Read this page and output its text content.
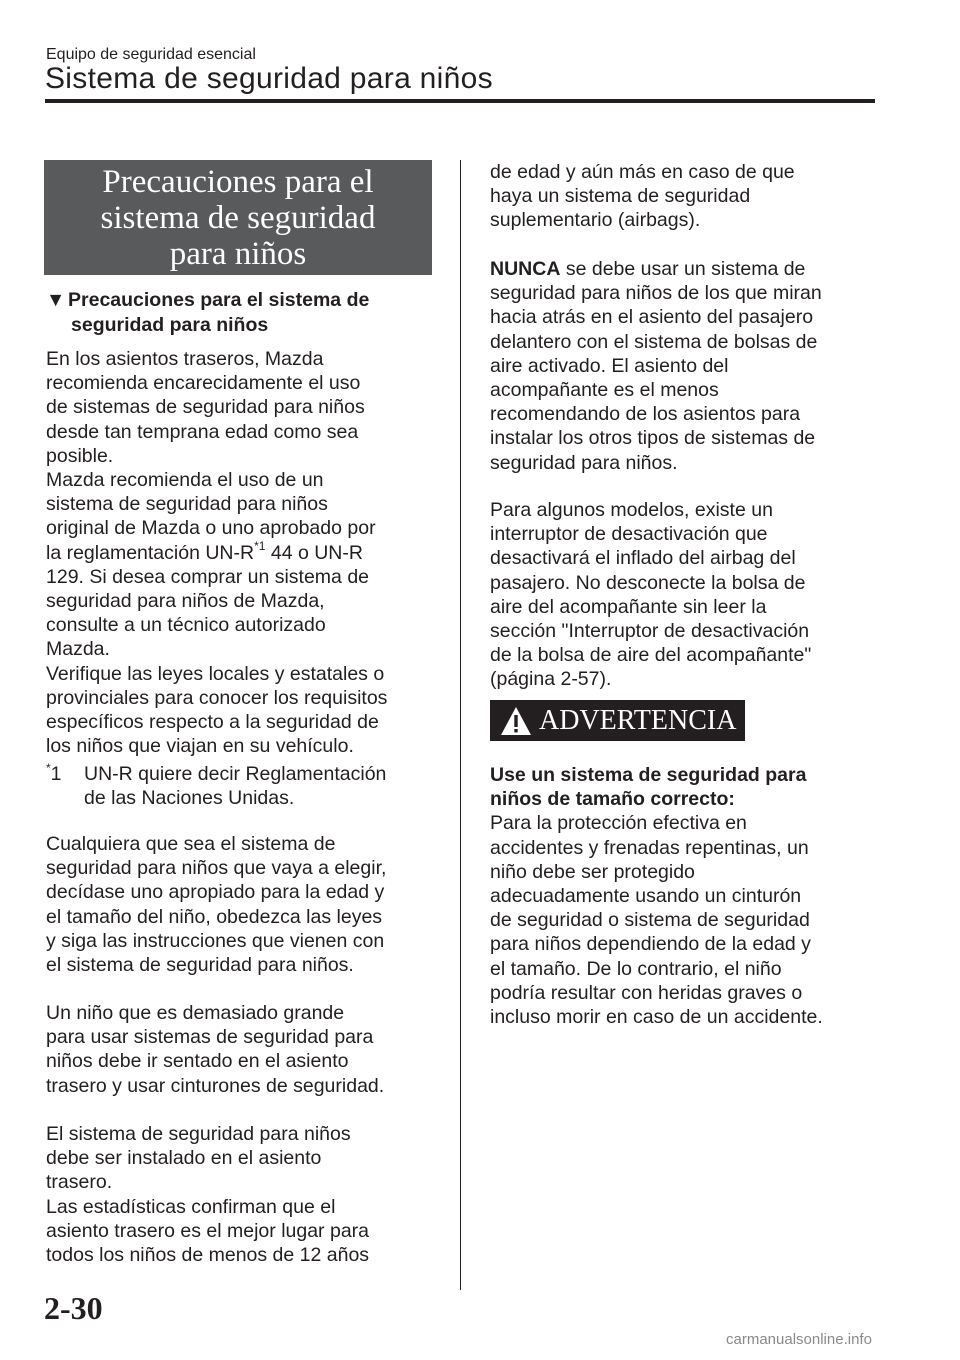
Equipo de seguridad esencial
Sistema de seguridad para niños
Precauciones para el
sistema de seguridad
para niños
▼ Precauciones para el sistema de
seguridad para niños
En los asientos traseros, Mazda
recomienda encarecidamente el uso
de sistemas de seguridad para niños
desde tan temprana edad como sea
posible.
Mazda recomienda el uso de un
sistema de seguridad para niños
original de Mazda o uno aprobado por
la reglamentación $UN-R^{*1}$ 44 o UN-R
129. Si desea comprar un sistema de
seguridad para niños de Mazda,
consulte a un técnico autorizado
Mazda.
Verifique las leyes locales y estatales o
provinciales para conocer los requisitos
específicos respecto a la seguridad de
los niños que viajan en su vehículo.
*1	UN-R quiere decir Reglamentación
de las Naciones Unidas.
Cualquiera que sea el sistema de
seguridad para niños que vaya a elegir,
decídase uno apropiado para la edad y
el tamaño del niño, obedezca las leyes
y siga las instrucciones que vienen con
el sistema de seguridad para niños.
Un niño que es demasiado grande
para usar sistemas de seguridad para
niños debe ir sentado en el asiento
trasero y usar cinturones de seguridad.
El sistema de seguridad para niños
debe ser instalado en el asiento
trasero.
Las estadísticas confirman que el
asiento trasero es el mejor lugar para
todos los niños de menos de 12 años
de edad y aún más en caso de que
haya un sistema de seguridad
suplementario (airbags).
NUNCA se debe usar un sistema de
seguridad para niños de los que miran
hacia atrás en el asiento del pasajero
delantero con el sistema de bolsas de
aire activado. El asiento del
acompañante es el menos
recomendando de los asientos para
instalar los otros tipos de sistemas de
seguridad para niños.
Para algunos modelos, existe un
interruptor de desactivación que
desactivará el inflado del airbag del
pasajero. No desconecte la bolsa de
aire del acompañante sin leer la
sección "Interruptor de desactivación
de la bolsa de aire del acompañante"
(página 2-57).
ADVERTENCIA
Use un sistema de seguridad para
niños de tamaño correcto:
Para la protección efectiva en
accidentes y frenadas repentinas, un
niño debe ser protegido
adecuadamente usando un cinturón
de seguridad o sistema de seguridad
para niños dependiendo de la edad y
el tamaño. De lo contrario, el niño
podría resultar con heridas graves o
incluso morir en caso de un accidente.
2-30
carmanualsonline.info
